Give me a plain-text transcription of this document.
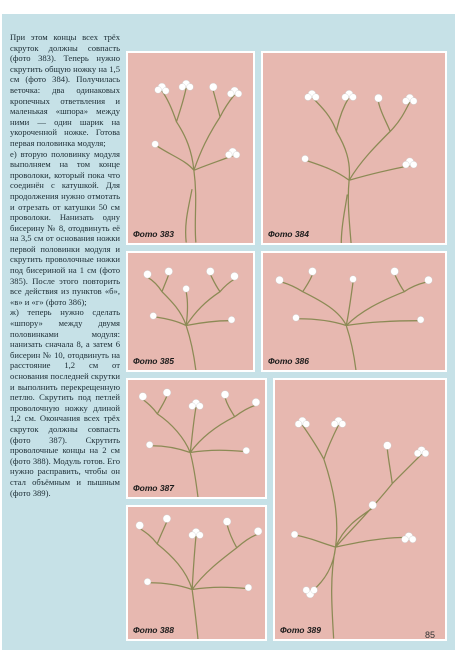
При этом концы всех трёх скруток должны совпасть (фото 383). Теперь нужно скрутить общую ножку на 1,5 см (фото 384). Получилась веточка: два одинаковых кропечных ответвления и маленькая «шпора» между ними — один шарик на укороченной ножке. Готова первая половинка модуля;

е) вторую половинку модуля выполняем на том конце проволоки, который пока что соединён с катушкой. Для продолжения нужно отмотать и отрезать от катушки 50 см проволоки. Нанизать одну бисерину № 8, отодвинуть её на 3,5 см от основания ножки первой половинки модуля и скрутить проволочные ножки под бисериной на 1 см (фото 385). После этого повторить все действия из пунктов «б», «в» и «г» (фото 386);

ж) теперь нужно сделать «шпору» между двумя половинками модуля: нанизать сначала 8, а затем 6 бисерин № 10, отодвинуть на расстояние 1,2 см от основания последней скрутки и выполнить перекрещенную петлю. Скрутить под петлей проволочную ножку длиной 1,2 см. Окончания всех трёх скруток должны совпасть (фото 387). Скрутить проволочные концы на 2 см (фото 388). Модуль готов. Его нужно расправить, чтобы он стал объёмным и пышным (фото 389).

Фото 383	Фото 384
Фото 385	Фото 386
Фото 387
Фото 388	Фото 389	85
